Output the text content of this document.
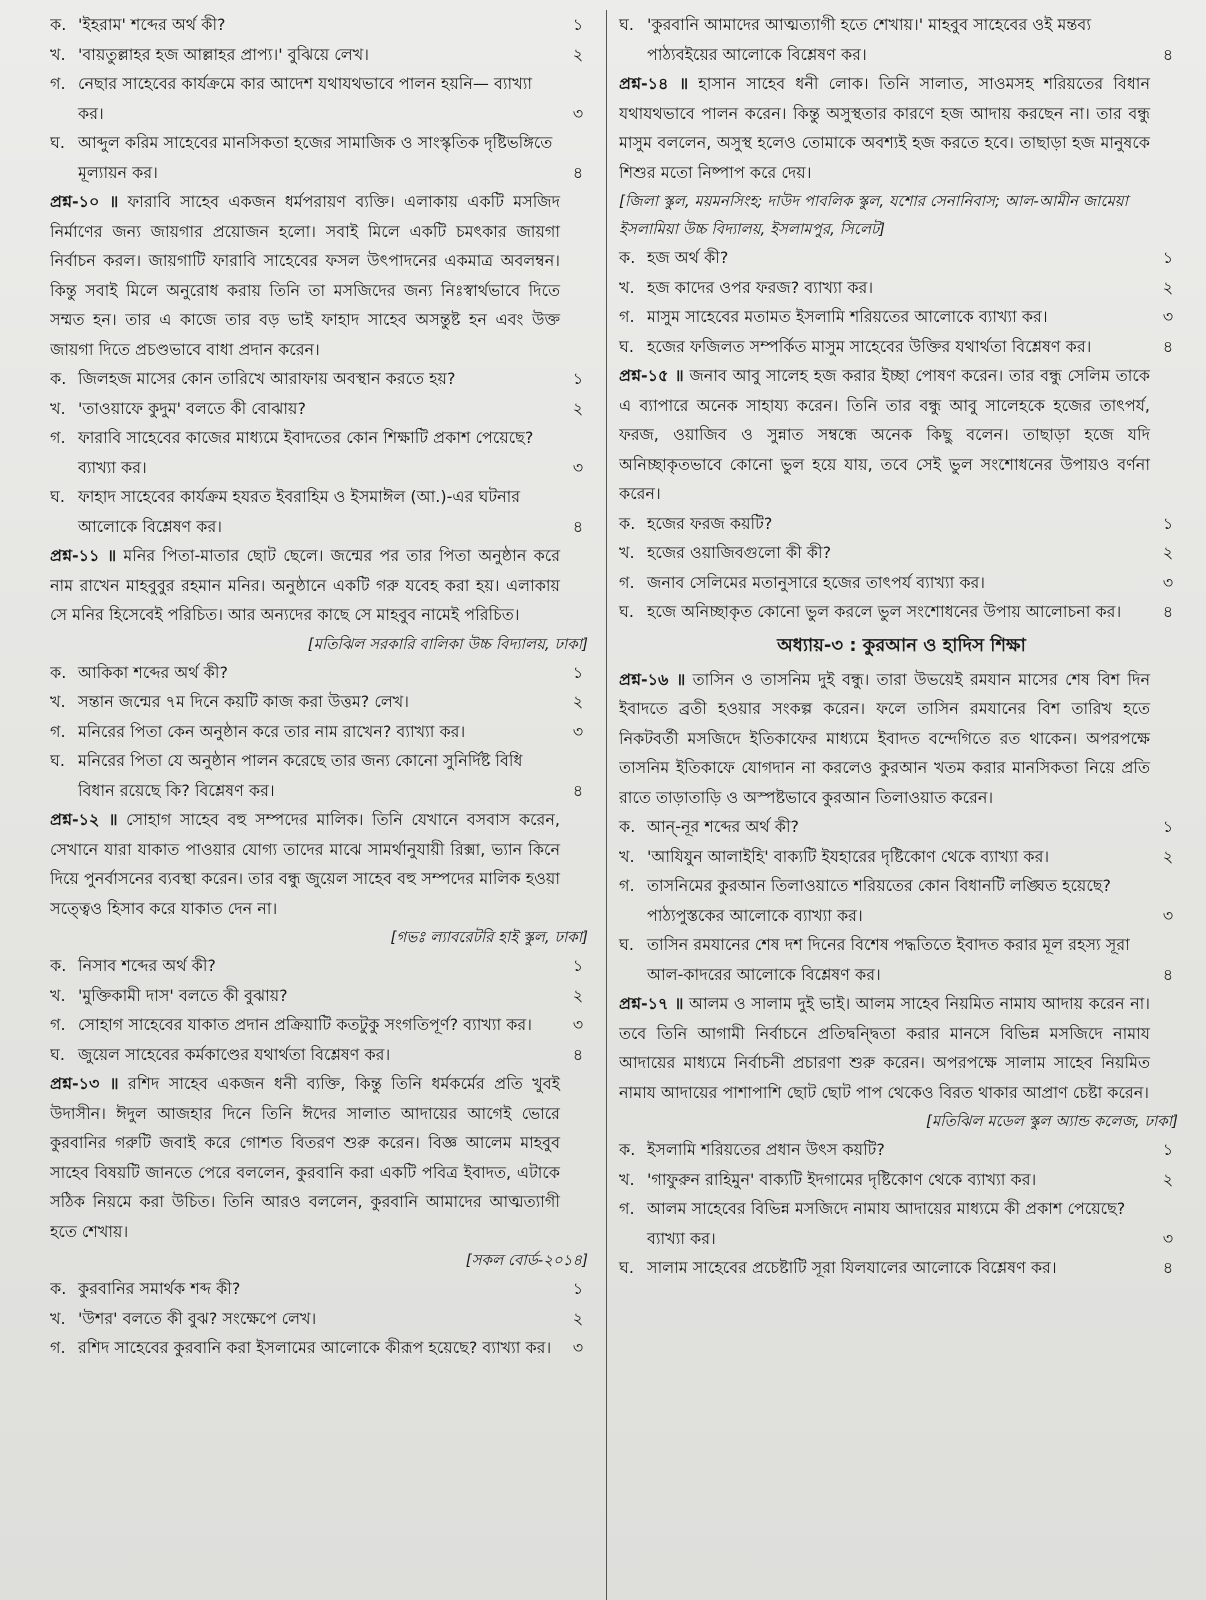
ক. 'ইহরাম' শব্দের অর্থ কী?	১
খ. 'বায়তুল্লাহর হজ আল্লাহর প্রাপ্য।' বুঝিয়ে লেখ।	২
গ. নেছার সাহেবের কার্যক্রমে কার আদেশ যথাযথভাবে পালন হয়নি— ব্যাখ্যা কর।	৩
ঘ. আব্দুল করিম সাহেবের মানসিকতা হজের সামাজিক ও সাংস্কৃতিক দৃষ্টিভঙ্গিতে মূল্যায়ন কর।	৪
প্রশ্ন-১০ ॥ ফারাবি সাহেব একজন ধর্মপরায়ণ ব্যক্তি। এলাকায় একটি মসজিদ নির্মাণের জন্য জায়গার প্রয়োজন হলো। সবাই মিলে একটি চমৎকার জায়গা নির্বাচন করল। জায়গাটি ফারাবি সাহেবের ফসল উৎপাদনের একমাত্র অবলম্বন। কিন্তু সবাই মিলে অনুরোধ করায় তিনি তা মসজিদের জন্য নিঃস্বার্থভাবে দিতে সম্মত হন। তার এ কাজে তার বড় ভাই ফাহাদ সাহেব অসন্তুষ্ট হন এবং উক্ত জায়গা দিতে প্রচণ্ডভাবে বাধা প্রদান করেন।
ক. জিলহজ মাসের কোন তারিখে আরাফায় অবস্থান করতে হয়?	১
খ. 'তাওয়াফে কুদুম' বলতে কী বোঝায়?	২
গ. ফারাবি সাহেবের কাজের মাধ্যমে ইবাদতের কোন শিক্ষাটি প্রকাশ পেয়েছে? ব্যাখ্যা কর।	৩
ঘ. ফাহাদ সাহেবের কার্যক্রম হযরত ইবরাহিম ও ইসমাঈল (আ.)-এর ঘটনার আলোকে বিশ্লেষণ কর।	৪
প্রশ্ন-১১ ॥ মনির পিতা-মাতার ছোট ছেলে। জন্মের পর তার পিতা অনুষ্ঠান করে নাম রাখেন মাহবুবুর রহমান মনির। অনুষ্ঠানে একটি গরু যবেহ করা হয়। এলাকায় সে মনির হিসেবেই পরিচিত। আর অন্যদের কাছে সে মাহবুব নামেই পরিচিত।
[মতিঝিল সরকারি বালিকা উচ্চ বিদ্যালয়, ঢাকা]
ক. আকিকা শব্দের অর্থ কী?	১
খ. সন্তান জন্মের ৭ম দিনে কয়টি কাজ করা উত্তম? লেখ।	২
গ. মনিরের পিতা কেন অনুষ্ঠান করে তার নাম রাখেন? ব্যাখ্যা কর।	৩
ঘ. মনিরের পিতা যে অনুষ্ঠান পালন করেছে তার জন্য কোনো সুনির্দিষ্ট বিধি বিধান রয়েছে কি? বিশ্লেষণ কর।	৪
প্রশ্ন-১২ ॥ সোহাগ সাহেব বহু সম্পদের মালিক। তিনি যেখানে বসবাস করেন, সেখানে যারা যাকাত পাওয়ার যোগ্য তাদের মাঝে সামর্থানুযায়ী রিক্সা, ভ্যান কিনে দিয়ে পুনর্বাসনের ব্যবস্থা করেন। তার বন্ধু জুয়েল সাহেব বহু সম্পদের মালিক হওয়া সত্ত্বেও হিসাব করে যাকাত দেন না।
[গভঃ ল্যাবরেটরি হাই স্কুল, ঢাকা]
ক. নিসাব শব্দের অর্থ কী?	১
খ. 'মুক্তিকামী দাস' বলতে কী বুঝায়?	২
গ. সোহাগ সাহেবের যাকাত প্রদান প্রক্রিয়াটি কতটুকু সংগতিপূর্ণ? ব্যাখ্যা কর।	৩
ঘ. জুয়েল সাহেবের কর্মকাণ্ডের যথার্থতা বিশ্লেষণ কর।	৪
প্রশ্ন-১৩ ॥ রশিদ সাহেব একজন ধনী ব্যক্তি, কিন্তু তিনি ধর্মকর্মের প্রতি খুবই উদাসীন। ঈদুল আজহার দিনে তিনি ঈদের সালাত আদায়ের আগেই ভোরে কুরবানির গরুটি জবাই করে গোশত বিতরণ শুরু করেন। বিজ্ঞ আলেম মাহবুব সাহেব বিষয়টি জানতে পেরে বললেন, কুরবানি করা একটি পবিত্র ইবাদত, এটাকে সঠিক নিয়মে করা উচিত। তিনি আরও বললেন, কুরবানি আমাদের আত্মত্যাগী হতে শেখায়।
[সকল বোর্ড-২০১৪]
ক. কুরবানির সমার্থক শব্দ কী?	১
খ. 'উশর' বলতে কী বুঝ? সংক্ষেপে লেখ।	২
গ. রশিদ সাহেবের কুরবানি করা ইসলামের আলোকে কীরূপ হয়েছে? ব্যাখ্যা কর।	৩
ঘ. 'কুরবানি আমাদের আত্মত্যাগী হতে শেখায়।' মাহবুব সাহেবের ওই মন্তব্য পাঠ্যবইয়ের আলোকে বিশ্লেষণ কর।	৪
প্রশ্ন-১৪ ॥ হাসান সাহেব ধনী লোক। তিনি সালাত, সাওমসহ শরিয়তের বিধান যথাযথভাবে পালন করেন। কিন্তু অসুস্থতার কারণে হজ আদায় করছেন না। তার বন্ধু মাসুম বললেন, অসুস্থ হলেও তোমাকে অবশ্যই হজ করতে হবে। তাছাড়া হজ মানুষকে শিশুর মতো নিষ্পাপ করে দেয়।
[জিলা স্কুল, ময়মনসিংহ; দাউদ পাবলিক স্কুল, যশোর সেনানিবাস; আল-আমীন জামেয়া ইসলামিয়া উচ্চ বিদ্যালয়, ইসলামপুর, সিলেট]
ক. হজ অর্থ কী?	১
খ. হজ কাদের ওপর ফরজ? ব্যাখ্যা কর।	২
গ. মাসুম সাহেবের মতামত ইসলামি শরিয়তের আলোকে ব্যাখ্যা কর।	৩
ঘ. হজের ফজিলত সম্পর্কিত মাসুম সাহেবের উক্তির যথার্থতা বিশ্লেষণ কর।	৪
প্রশ্ন-১৫ ॥ জনাব আবু সালেহ হজ করার ইচ্ছা পোষণ করেন। তার বন্ধু সেলিম তাকে এ ব্যাপারে অনেক সাহায্য করেন। তিনি তার বন্ধু আবু সালেহকে হজের তাৎপর্য, ফরজ, ওয়াজিব ও সুন্নাত সম্বন্ধে অনেক কিছু বলেন। তাছাড়া হজে যদি অনিচ্ছাকৃতভাবে কোনো ভুল হয়ে যায়, তবে সেই ভুল সংশোধনের উপায়ও বর্ণনা করেন।
ক. হজের ফরজ কয়টি?	১
খ. হজের ওয়াজিবগুলো কী কী?	২
গ. জনাব সেলিমের মতানুসারে হজের তাৎপর্য ব্যাখ্যা কর।	৩
ঘ. হজে অনিচ্ছাকৃত কোনো ভুল করলে ভুল সংশোধনের উপায় আলোচনা কর।	৪
অধ্যায়-৩ : কুরআন ও হাদিস শিক্ষা
প্রশ্ন-১৬ ॥ তাসিন ও তাসনিম দুই বন্ধু। তারা উভয়েই রমযান মাসের শেষ বিশ দিন ইবাদতে ব্রতী হওয়ার সংকল্প করেন। ফলে তাসিন রমযানের বিশ তারিখ হতে নিকটবর্তী মসজিদে ইতিকাফের মাধ্যমে ইবাদত বন্দেগিতে রত থাকেন। অপরপক্ষে তাসনিম ইতিকাফে যোগদান না করলেও কুরআন খতম করার মানসিকতা নিয়ে প্রতি রাতে তাড়াতাড়ি ও অস্পষ্টভাবে কুরআন তিলাওয়াত করেন।
ক. আন্-নূর শব্দের অর্থ কী?	১
খ. 'আযিযুন আলাইহি' বাক্যটি ইযহারের দৃষ্টিকোণ থেকে ব্যাখ্যা কর।	২
গ. তাসনিমের কুরআন তিলাওয়াতে শরিয়তের কোন বিধানটি লঙ্ঘিত হয়েছে? পাঠ্যপুস্তকের আলোকে ব্যাখ্যা কর।	৩
ঘ. তাসিন রমযানের শেষ দশ দিনের বিশেষ পদ্ধতিতে ইবাদত করার মূল রহস্য সূরা আল-কাদরের আলোকে বিশ্লেষণ কর।	৪
প্রশ্ন-১৭ ॥ আলম ও সালাম দুই ভাই। আলম সাহেব নিয়মিত নামায আদায় করেন না। তবে তিনি আগামী নির্বাচনে প্রতিদ্বন্দ্বিতা করার মানসে বিভিন্ন মসজিদে নামায আদায়ের মাধ্যমে নির্বাচনী প্রচারণা শুরু করেন। অপরপক্ষে সালাম সাহেব নিয়মিত নামায আদায়ের পাশাপাশি ছোট ছোট পাপ থেকেও বিরত থাকার আপ্রাণ চেষ্টা করেন।
[মতিঝিল মডেল স্কুল অ্যান্ড কলেজ, ঢাকা]
ক. ইসলামি শরিয়তের প্রধান উৎস কয়টি?	১
খ. 'গাফুরুন রাহিমুন' বাক্যটি ইদগামের দৃষ্টিকোণ থেকে ব্যাখ্যা কর।	২
গ. আলম সাহেবের বিভিন্ন মসজিদে নামায আদায়ের মাধ্যমে কী প্রকাশ পেয়েছে? ব্যাখ্যা কর।	৩
ঘ. সালাম সাহেবের প্রচেষ্টাটি সূরা যিলযালের আলোকে বিশ্লেষণ কর।	৪
